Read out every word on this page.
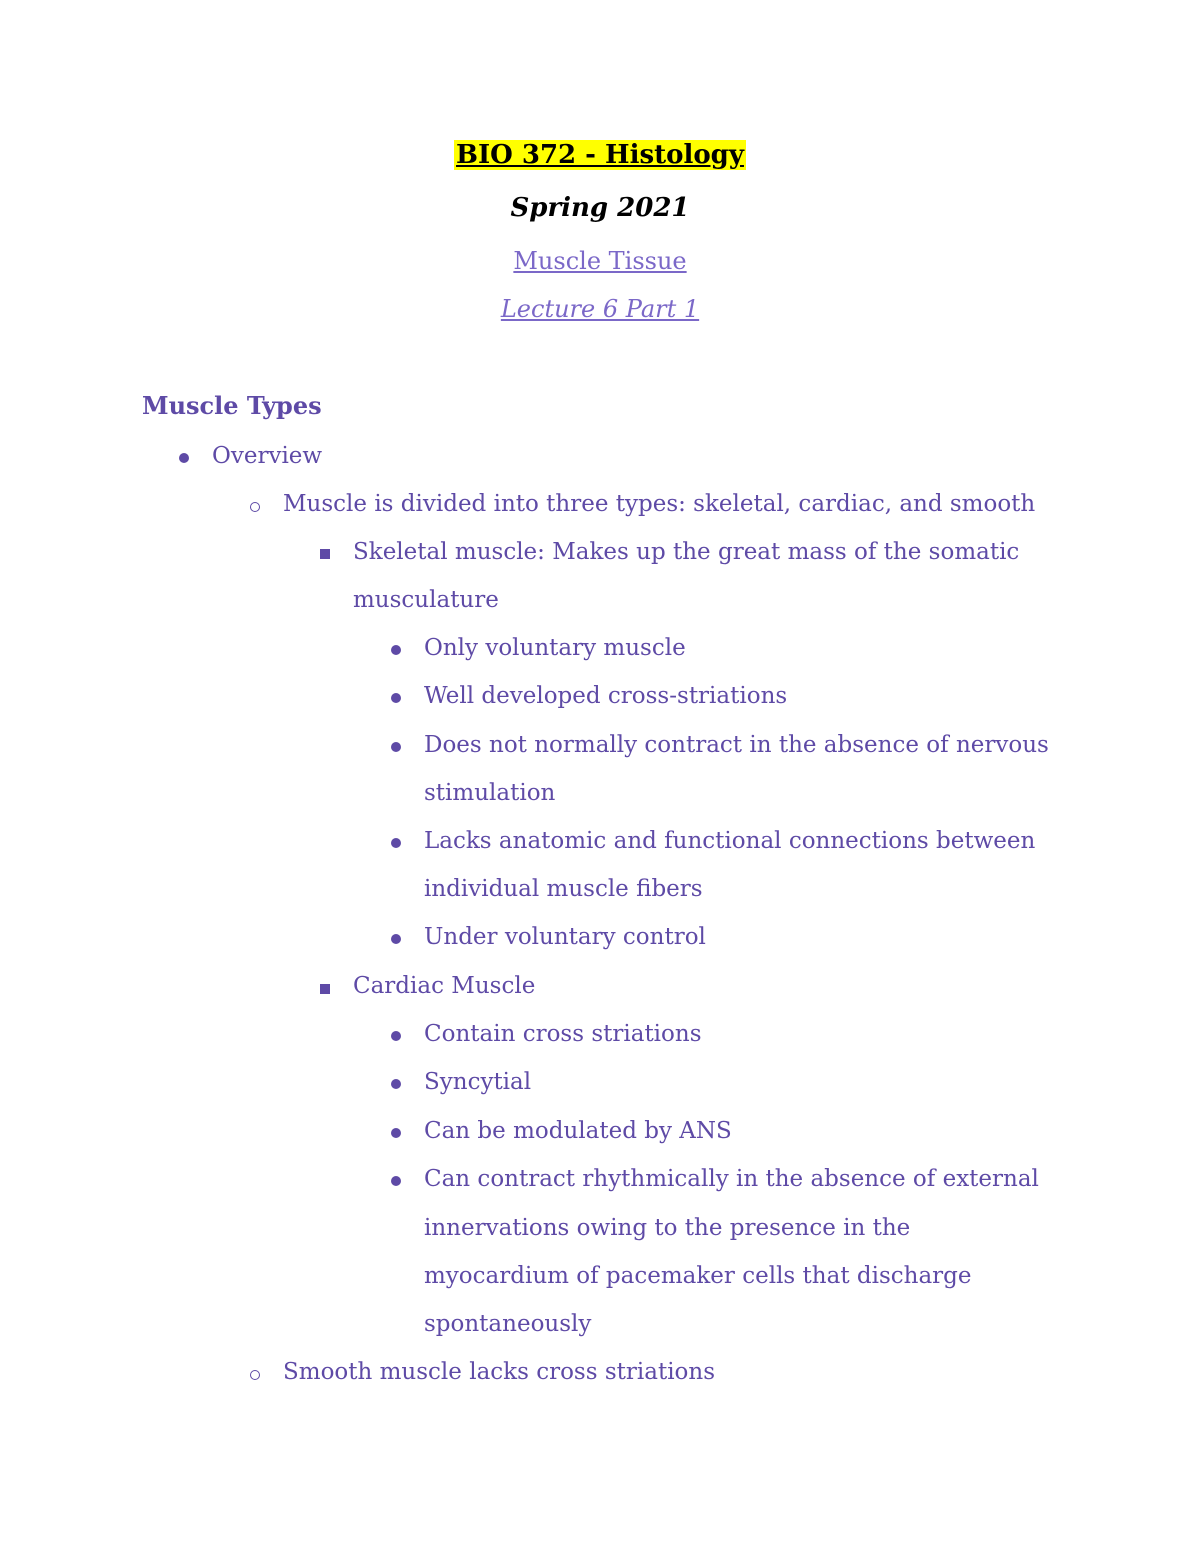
BIO 372 - Histology
Spring 2021
Muscle Tissue
Lecture 6 Part 1
Muscle Types
Overview
Muscle is divided into three types: skeletal, cardiac, and smooth
Skeletal muscle: Makes up the great mass of the somatic
musculature
Only voluntary muscle
Well developed cross-striations
Does not normally contract in the absence of nervous
stimulation
Lacks anatomic and functional connections between
individual muscle fibers
Under voluntary control
Cardiac Muscle
Contain cross striations
Syncytial
Can be modulated by ANS
Can contract rhythmically in the absence of external
innervations owing to the presence in the
myocardium of pacemaker cells that discharge
spontaneously
Smooth muscle lacks cross striations
